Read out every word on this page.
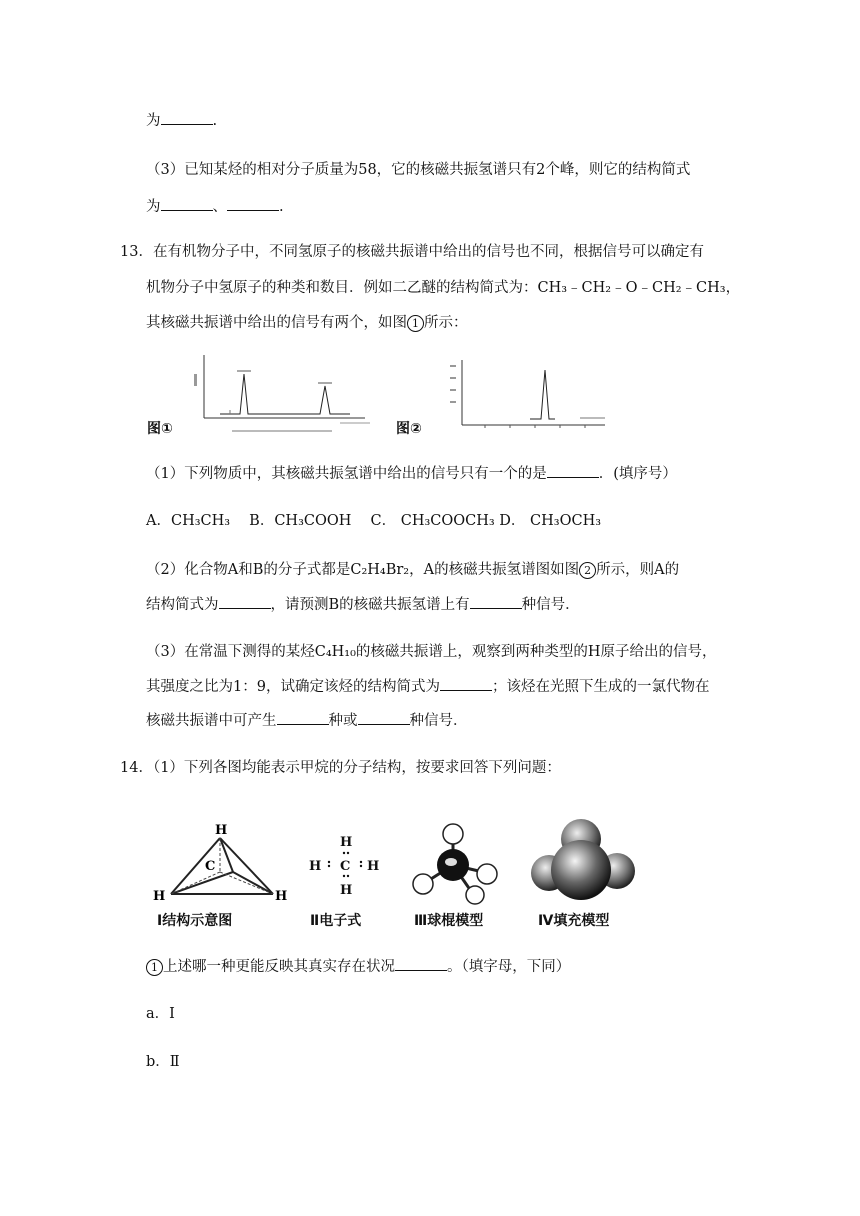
为	.
（3）已知某烃的相对分子质量为58，它的核磁共振氢谱只有2个峰，则它的结构简式
为	、	.
13．在有机物分子中，不同氢原子的核磁共振谱中给出的信号也不同，根据信号可以确定有
机物分子中氢原子的种类和数目．例如二乙醚的结构简式为：CH₃﹣CH₂﹣O﹣CH₂﹣CH₃，
其核磁共振谱中给出的信号有两个，如图 1 所示：
图①	图②
（1）下列物质中，其核磁共振氢谱中给出的信号只有一个的是	．(填序号）
A．CH₃CH₃　 B．CH₃COOH　 C． CH₃COOCH₃ D． CH₃OCH₃
（2）化合物A和B的分子式都是C₂H₄Br₂，A的核磁共振氢谱图如图 2 所示，则A的
结构简式为	，请预测B的核磁共振氢谱上有	种信号．
（3）在常温下测得的某烃C₄H₁₀的核磁共振谱上，观察到两种类型的H原子给出的信号，
其强度之比为1：9，试确定该烃的结构简式为	；该烃在光照下生成的一氯代物在
核磁共振谱中可产生	种或	种信号．
14．（1）下列各图均能表示甲烷的分子结构，按要求回答下列问题：
H
C
H	H
H
C
H
H	H
Ⅰ结构示意图	Ⅱ电子式	Ⅲ球棍模型	Ⅳ填充模型
1 上述哪一种更能反映其真实存在状况	。（填字母，下同）
a．Ⅰ
b．Ⅱ
